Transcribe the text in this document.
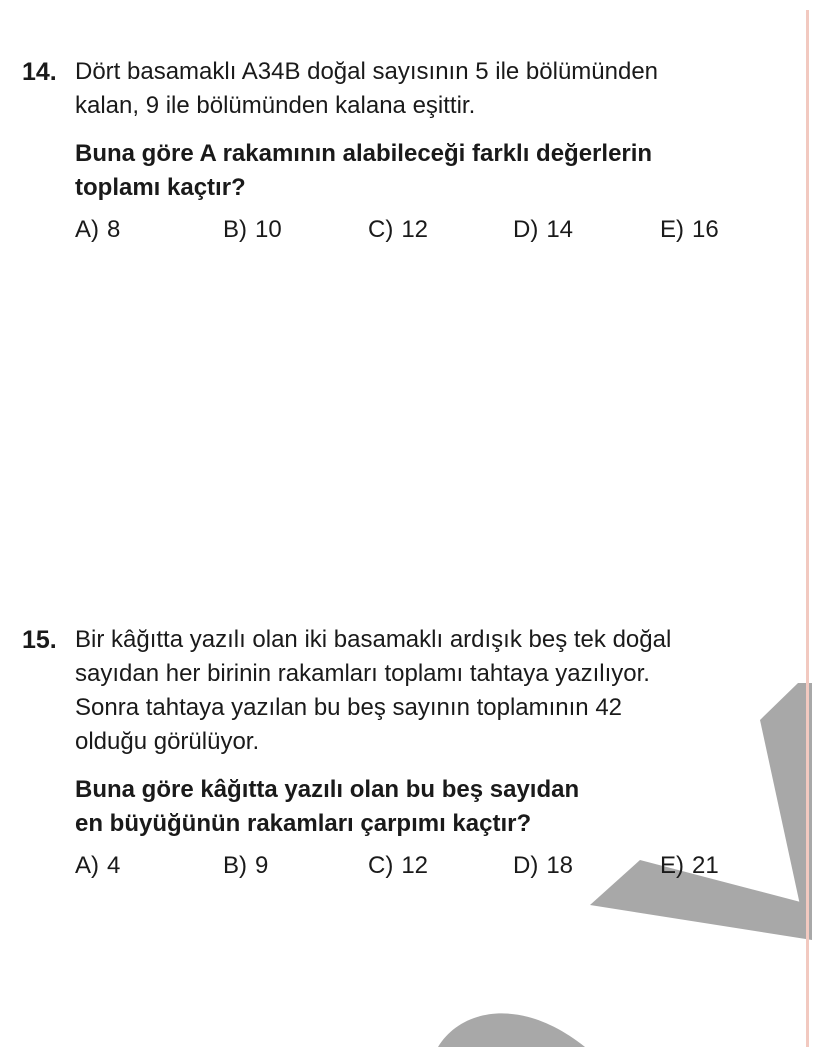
14. Dört basamaklı A34B doğal sayısının 5 ile bölümünden
kalan, 9 ile bölümünden kalana eşittir.
Buna göre A rakamının alabileceği farklı değerlerin
toplamı kaçtır?
A) 8	B) 10	C) 12	D) 14	E) 16
15. Bir kâğıtta yazılı olan iki basamaklı ardışık beş tek doğal
sayıdan her birinin rakamları toplamı tahtaya yazılıyor.
Sonra tahtaya yazılan bu beş sayının toplamının 42
olduğu görülüyor.
Buna göre kâğıtta yazılı olan bu beş sayıdan
en büyüğünün rakamları çarpımı kaçtır?
A) 4	B) 9	C) 12	D) 18	E) 21
